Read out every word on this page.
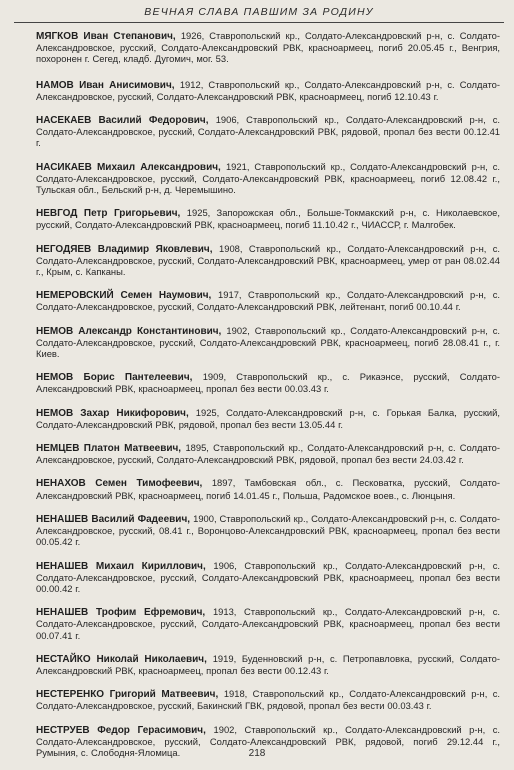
ВЕЧНАЯ СЛАВА ПАВШИМ ЗА РОДИНУ
МЯГКОВ Иван Степанович, 1926, Ставропольский кр., Солдато-Александровский р-н, с. Солдато-Александровское, русский, Солдато-Александровский РВК, красноармеец, погиб 20.05.45 г., Венгрия, похоронен г. Сегед, кладб. Дугомич, мог. 53.
НАМОВ Иван Анисимович, 1912, Ставропольский кр., Солдато-Александровский р-н, с. Солдато-Александровское, русский, Солдато-Александровский РВК, красноармеец, погиб 12.10.43 г.
НАСЕКАЕВ Василий Федорович, 1906, Ставропольский кр., Солдато-Александровский р-н, с. Солдато-Александровское, русский, Солдато-Александровский РВК, рядовой, пропал без вести 00.12.41 г.
НАСИКАЕВ Михаил Александрович, 1921, Ставропольский кр., Солдато-Александровский р-н, с. Солдато-Александровское, русский, Солдато-Александровский РВК, красноармеец, погиб 12.08.42 г., Тульская обл., Бельский р-н, д. Черемышино.
НЕВГОД Петр Григорьевич, 1925, Запорожская обл., Больше-Токмакский р-н, с. Николаевское, русский, Солдато-Александровский РВК, красноармеец, погиб 11.10.42 г., ЧИАССР, г. Малгобек.
НЕГОДЯЕВ Владимир Яковлевич, 1908, Ставропольский кр., Солдато-Александровский р-н, с. Солдато-Александровское, русский, Солдато-Александровский РВК, красноармеец, умер от ран 08.02.44 г., Крым, с. Капканы.
НЕМЕРОВСКИЙ Семен Наумович, 1917, Ставропольский кр., Солдато-Александровский р-н, с. Солдато-Александровское, русский, Солдато-Александровский РВК, лейтенант, погиб 00.10.44 г.
НЕМОВ Александр Константинович, 1902, Ставропольский кр., Солдато-Александровский р-н, с. Солдато-Александровское, русский, Солдато-Александровский РВК, красноармеец, погиб 28.08.41 г., г. Киев.
НЕМОВ Борис Пантелеевич, 1909, Ставропольский кр., с. Рикаэнсе, русский, Солдато-Александровский РВК, красноармеец, пропал без вести 00.03.43 г.
НЕМОВ Захар Никифорович, 1925, Солдато-Александровский р-н, с. Горькая Балка, русский, Солдато-Александровский РВК, рядовой, пропал без вести 13.05.44 г.
НЕМЦЕВ Платон Матвеевич, 1895, Ставропольский кр., Солдато-Александровский р-н, с. Солдато-Александровское, русский, Солдато-Александровский РВК, рядовой, пропал без вести 24.03.42 г.
НЕНАХОВ Семен Тимофеевич, 1897, Тамбовская обл., с. Песковатка, русский, Солдато-Александровский РВК, красноармеец, погиб 14.01.45 г., Польша, Радомское воев., с. Люнцыня.
НЕНАШЕВ Василий Фадеевич, 1900, Ставропольский кр., Солдато-Александровский р-н, с. Солдато-Александровское, русский, 08.41 г., Воронцово-Александровский РВК, красноармеец, пропал без вести 00.05.42 г.
НЕНАШЕВ Михаил Кириллович, 1906, Ставропольский кр., Солдато-Александровский р-н, с. Солдато-Александровское, русский, Солдато-Александровский РВК, красноармеец, пропал без вести 00.00.42 г.
НЕНАШЕВ Трофим Ефремович, 1913, Ставропольский кр., Солдато-Александровский р-н, с. Солдато-Александровское, русский, Солдато-Александровский РВК, красноармеец, пропал без вести 00.07.41 г.
НЕСТАЙКО Николай Николаевич, 1919, Буденновский р-н, с. Петропавловка, русский, Солдато-Александровский РВК, красноармеец, пропал без вести 00.12.43 г.
НЕСТЕРЕНКО Григорий Матвеевич, 1918, Ставропольский кр., Солдато-Александровский р-н, с. Солдато-Александровское, русский, Бакинский ГВК, рядовой, пропал без вести 00.03.43 г.
НЕСТРУЕВ Федор Герасимович, 1902, Ставропольский кр., Солдато-Александровский р-н, с. Солдато-Александровское, русский, Солдато-Александровский РВК, рядовой, погиб 29.12.44 г., Румыния, с. Слободня-Яломица.	218
